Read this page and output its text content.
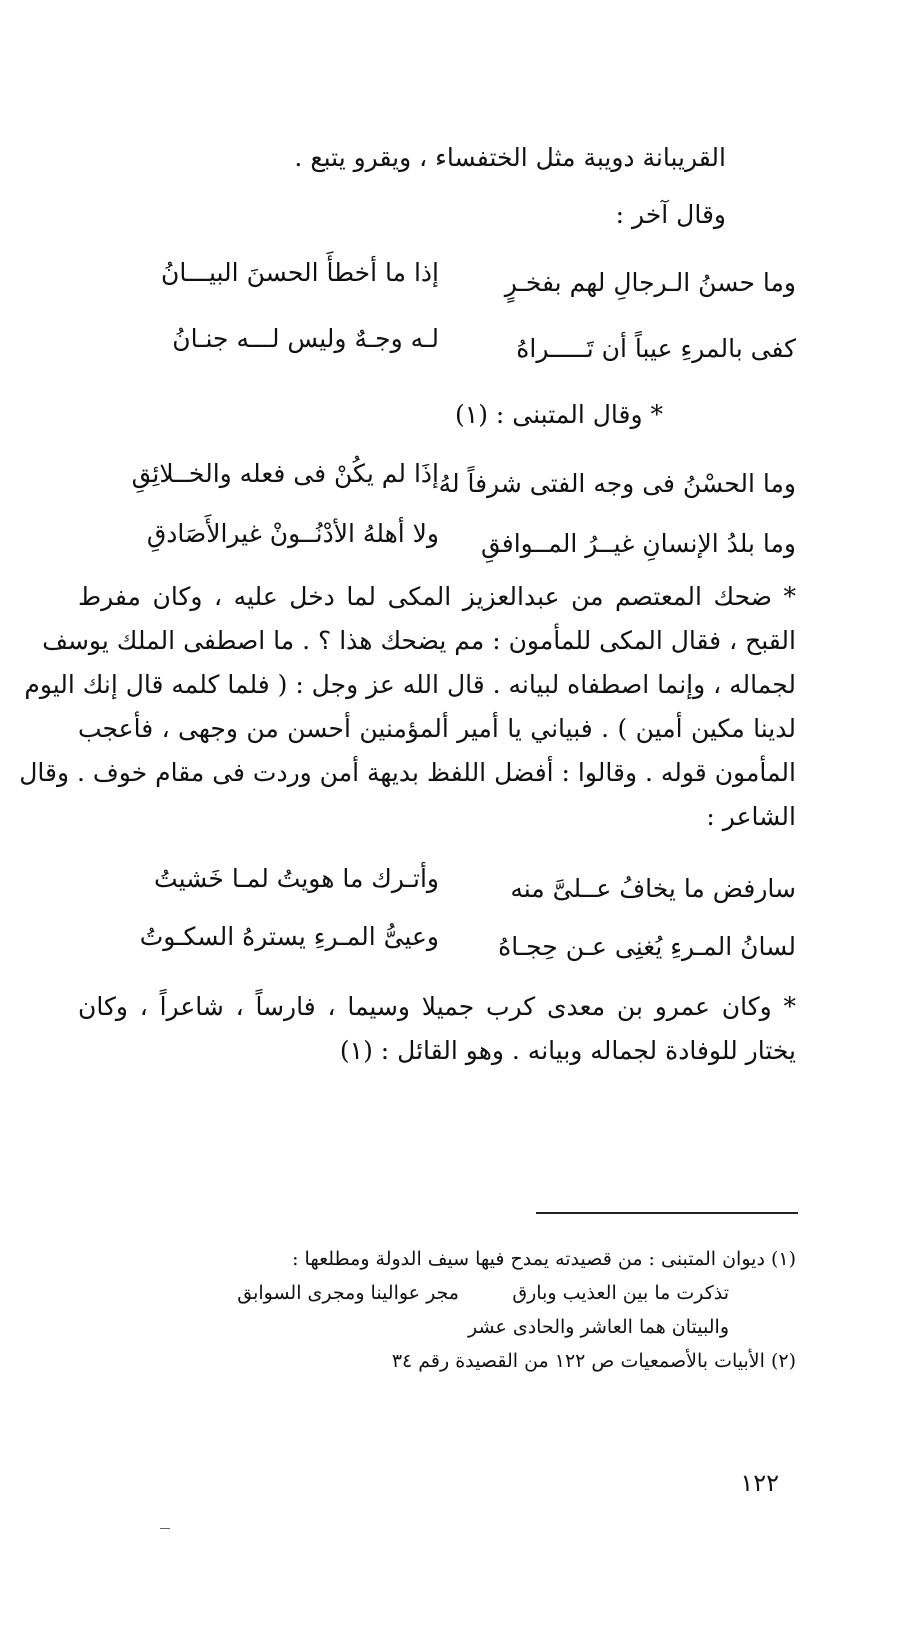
القريبانة دويبة مثل الختفساء ، ويقرو يتبع .
وقال آخر :
وما حسنُ الـرجالِ لهم بفخـرٍ
إذا ما أخطأَ الحسنَ البيـــانُ
كفى بالمرءِ عيباً أن تَـــــراهُ
لـه وجـهٌ وليس لـــه جنـانُ
* وقال المتبنى : (١)
وما الحسْنُ فى وجه الفتى شرفاً لهُ
إذَا لم يكُنْ فى فعله والخــلائِقِ
وما بلدُ الإنسانِ غيــرُ المــوافقِ
ولا أهلهُ الأدْنُــونْ غيرالأَصَادقِ
* ضحك المعتصم من عبدالعزيز المكى لما دخل عليه ، وكان مفرط
القبح ، فقال المكى للمأمون : مم يضحك هذا ؟ . ما اصطفى الملك يوسف
لجماله ، وإنما اصطفاه لبيانه . قال الله عز وجل : ( فلما كلمه قال إنك اليوم
لدينا مكين أمين ) . فبياني يا أمير ألمؤمنين أحسن من وجهى ، فأعجب
المأمون قوله . وقالوا : أفضل اللفظ بديهة أمن وردت فى مقام خوف . وقال
الشاعر :
سارفض ما يخافُ عــلىَّ منه
وأتـرك ما هويتُ لمـا خَشيتُ
لسانُ المـرءِ يُغنِى عـن حِجـاهُ
وعيىُّ المـرءِ يسترهُ السكـوتُ
* وكان عمرو بن معدى كرب جميلا وسيما ، فارساً ، شاعراً ، وكان
يختار للوفادة لجماله وبيانه . وهو القائل : (١)
(١) ديوان المتبنى : من قصيدته يمدح فيها سيف الدولة ومطلعها :
تذكرت ما بين العذيب وبارق
مجر عوالينا ومجرى السوابق
والبيتان هما العاشر والحادى عشر
(٢) الأبيات بالأصمعيات ص ١٢٢ من القصيدة رقم ٣٤
١٢٢
